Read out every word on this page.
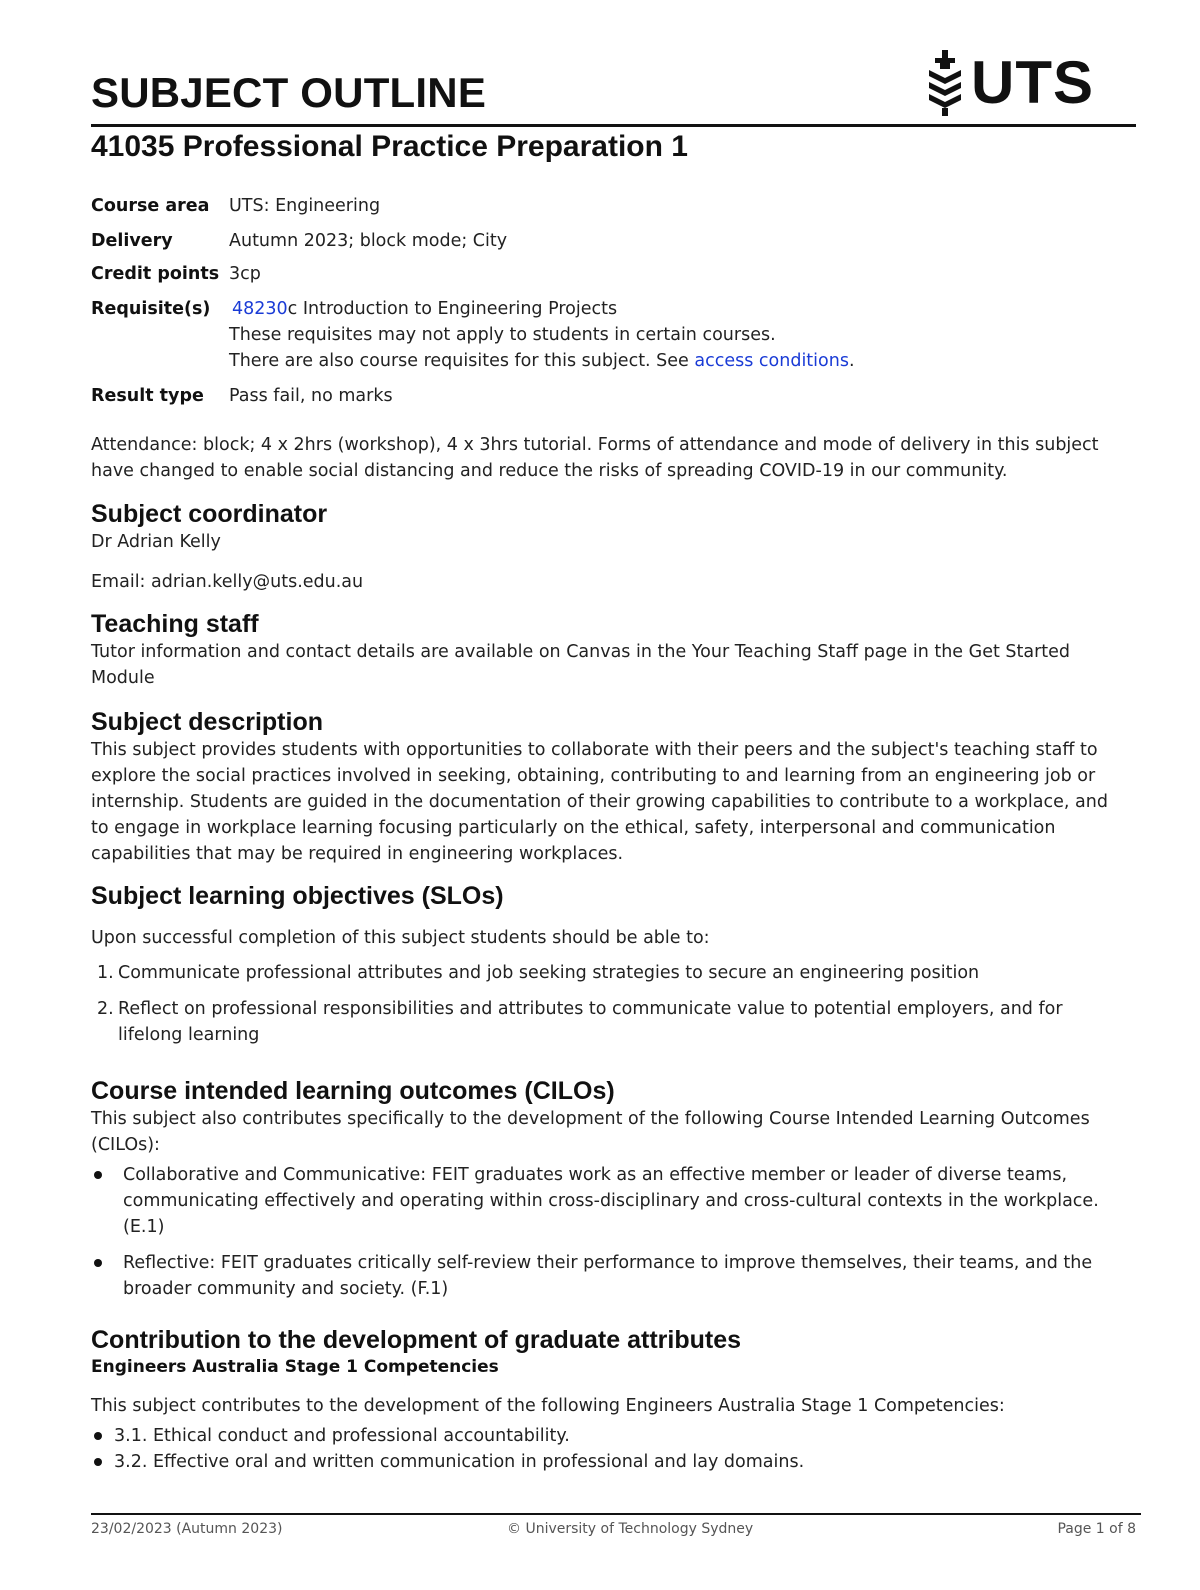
SUBJECT OUTLINE	UTS
41035 Professional Practice Preparation 1
Course area	UTS: Engineering
Delivery	Autumn 2023; block mode; City
Credit points 3cp
Requisite(s)	48230c Introduction to Engineering Projects
These requisites may not apply to students in certain courses.
There are also course requisites for this subject. See access conditions.
Result type	Pass fail, no marks

Attendance: block; 4 x 2hrs (workshop), 4 x 3hrs tutorial. Forms of attendance and mode of delivery in this subject have changed to enable social distancing and reduce the risks of spreading COVID-19 in our community.

Subject coordinator

Dr Adrian Kelly

Email: adrian.kelly@uts.edu.au

Teaching staff

Tutor information and contact details are available on Canvas in the Your Teaching Staff page in the Get Started Module

Subject description

This subject provides students with opportunities to collaborate with their peers and the subject's teaching staff to explore the social practices involved in seeking, obtaining, contributing to and learning from an engineering job or internship. Students are guided in the documentation of their growing capabilities to contribute to a workplace, and to engage in workplace learning focusing particularly on the ethical, safety, interpersonal and communication capabilities that may be required in engineering workplaces.

Subject learning objectives (SLOs)

Upon successful completion of this subject students should be able to:

1. Communicate professional attributes and job seeking strategies to secure an engineering position
2. Reflect on professional responsibilities and attributes to communicate value to potential employers, and for lifelong learning
Course intended learning outcomes (CILOs)

This subject also contributes specifically to the development of the following Course Intended Learning Outcomes (CILOs):

Collaborative and Communicative: FEIT graduates work as an effective member or leader of diverse teams, communicating effectively and operating within cross-disciplinary and cross-cultural contexts in the workplace. (E.1)
Reflective: FEIT graduates critically self-review their performance to improve themselves, their teams, and the broader community and society. (F.1)
Contribution to the development of graduate attributes

Engineers Australia Stage 1 Competencies

This subject contributes to the development of the following Engineers Australia Stage 1 Competencies:

3.1. Ethical conduct and professional accountability.
3.2. Effective oral and written communication in professional and lay domains.
23/02/2023 (Autumn 2023)	© University of Technology Sydney	Page 1 of 8
